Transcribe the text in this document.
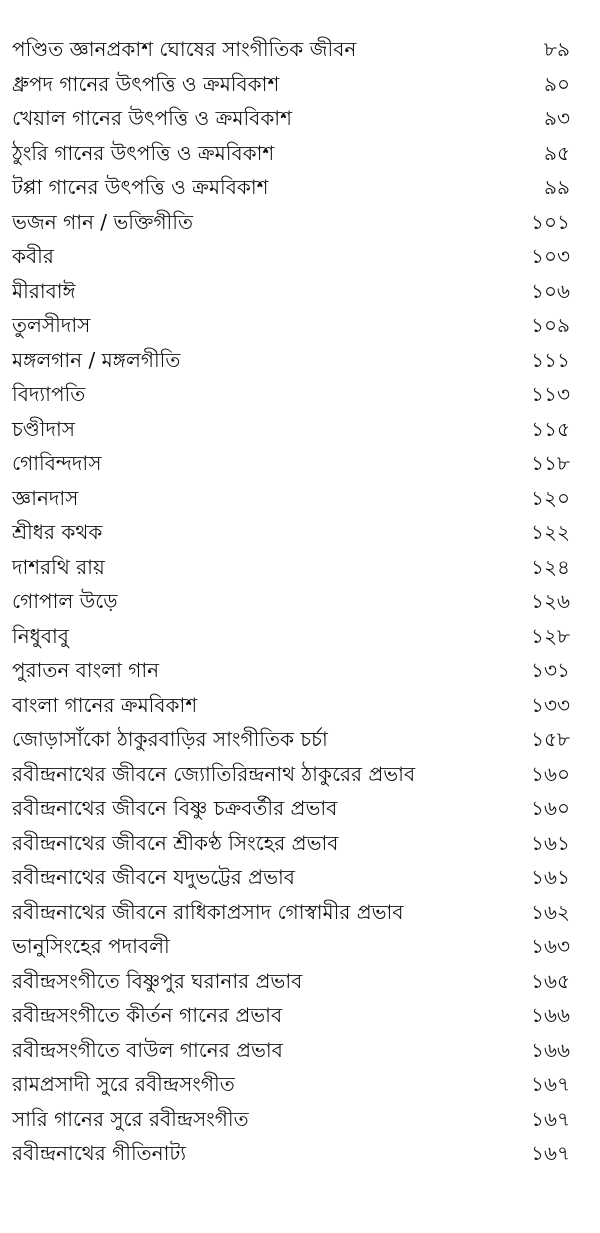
পণ্ডিত জ্ঞানপ্রকাশ ঘোষের সাংগীতিক জীবন	৮৯
ধ্রুপদ গানের উৎপত্তি ও ক্রমবিকাশ	৯০
খেয়াল গানের উৎপত্তি ও ক্রমবিকাশ	৯৩
ঠুংরি গানের উৎপত্তি ও ক্রমবিকাশ	৯৫
টপ্পা গানের উৎপত্তি ও ক্রমবিকাশ	৯৯
ভজন গান / ভক্তিগীতি	১০১
কবীর	১০৩
মীরাবাঈ	১০৬
তুলসীদাস	১০৯
মঙ্গলগান / মঙ্গলগীতি	১১১
বিদ্যাপতি	১১৩
চণ্ডীদাস	১১৫
গোবিন্দদাস	১১৮
জ্ঞানদাস	১২০
শ্রীধর কথক	১২২
দাশরথি রায়	১২৪
গোপাল উড়ে	১২৬
নিধুবাবু	১২৮
পুরাতন বাংলা গান	১৩১
বাংলা গানের ক্রমবিকাশ	১৩৩
জোড়াসাঁকো ঠাকুরবাড়ির সাংগীতিক চর্চা	১৫৮
রবীন্দ্রনাথের জীবনে জ্যোতিরিন্দ্রনাথ ঠাকুরের প্রভাব	১৬০
রবীন্দ্রনাথের জীবনে বিষ্ণু চক্রবর্তীর প্রভাব	১৬০
রবীন্দ্রনাথের জীবনে শ্রীকণ্ঠ সিংহের প্রভাব	১৬১
রবীন্দ্রনাথের জীবনে যদুভট্টের প্রভাব	১৬১
রবীন্দ্রনাথের জীবনে রাধিকাপ্রসাদ গোস্বামীর প্রভাব	১৬২
ভানুসিংহের পদাবলী	১৬৩
রবীন্দ্রসংগীতে বিষ্ণুপুর ঘরানার প্রভাব	১৬৫
রবীন্দ্রসংগীতে কীর্তন গানের প্রভাব	১৬৬
রবীন্দ্রসংগীতে বাউল গানের প্রভাব	১৬৬
রামপ্রসাদী সুরে রবীন্দ্রসংগীত	১৬৭
সারি গানের সুরে রবীন্দ্রসংগীত	১৬৭
রবীন্দ্রনাথের গীতিনাট্য	১৬৭
